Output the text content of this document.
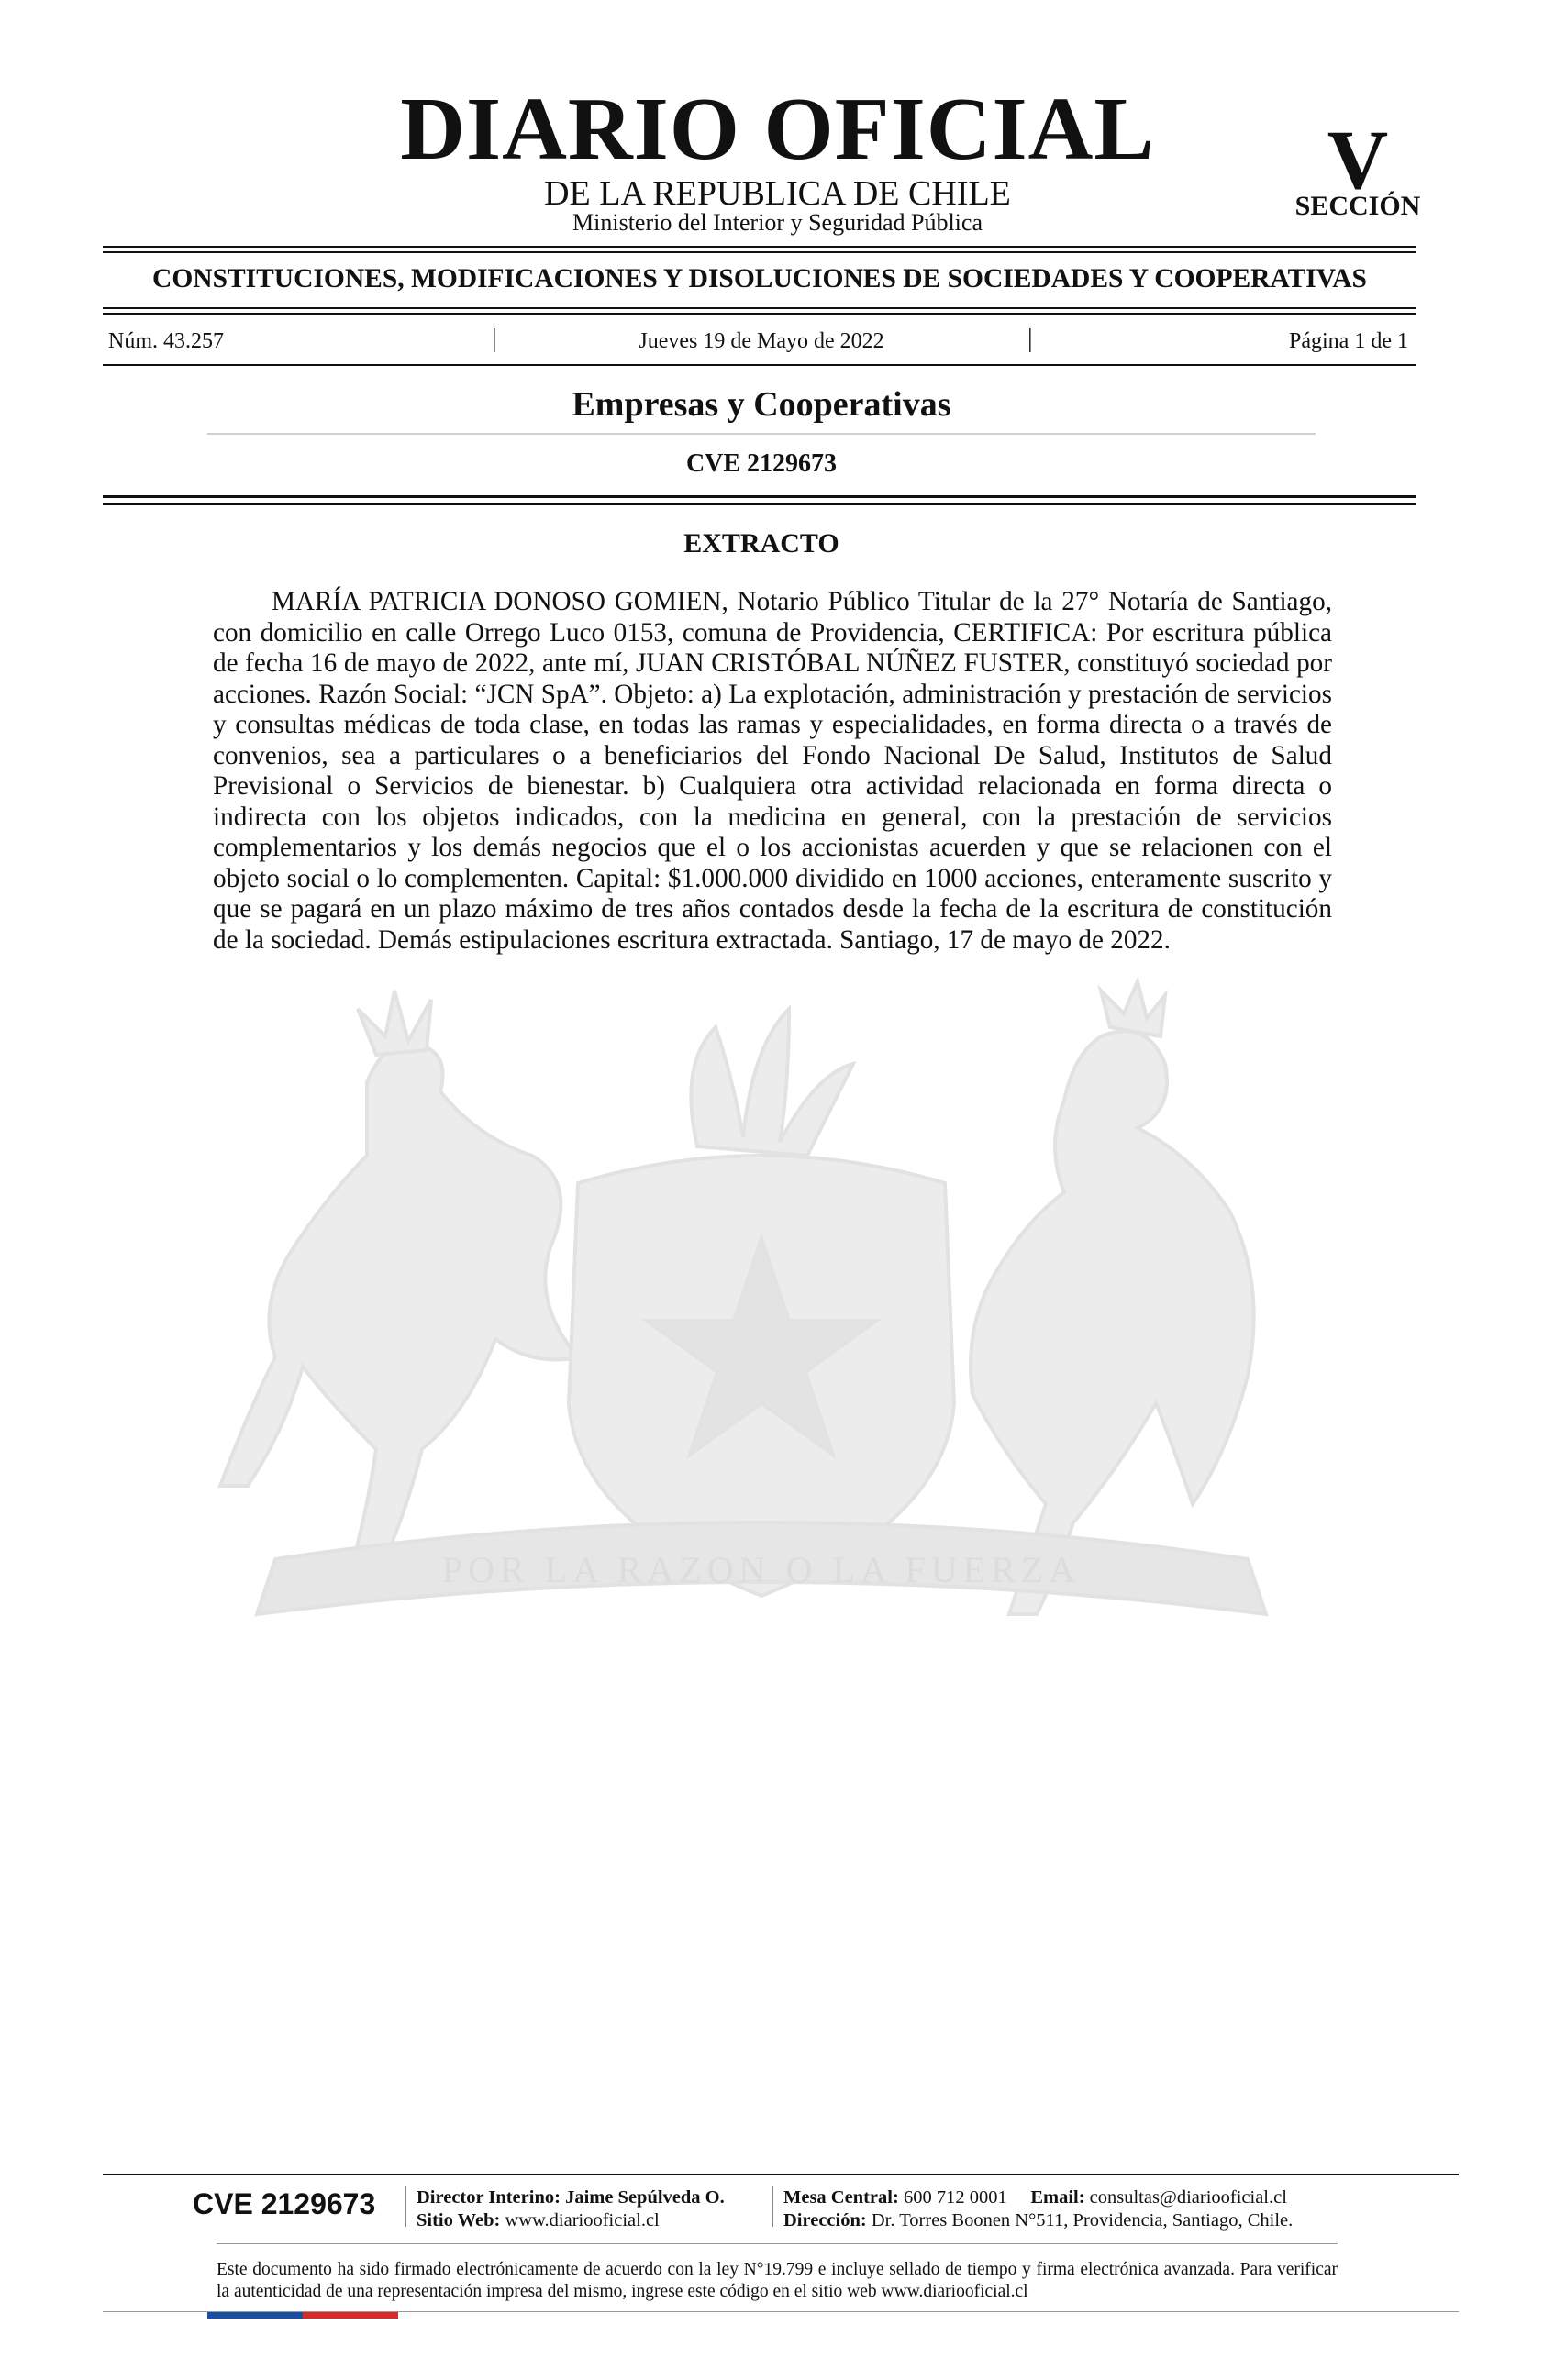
DIARIO OFICIAL
DE LA REPUBLICA DE CHILE
Ministerio del Interior y Seguridad Pública
V
SECCIÓN
CONSTITUCIONES, MODIFICACIONES Y DISOLUCIONES DE SOCIEDADES Y COOPERATIVAS
Núm. 43.257	|	Jueves 19 de Mayo de 2022	|	Página 1 de 1
Empresas y Cooperativas
CVE 2129673
POR LA RAZON O LA FUERZA
EXTRACTO
MARÍA PATRICIA DONOSO GOMIEN, Notario Público Titular de la 27° Notaría de Santiago, con domicilio en calle Orrego Luco 0153, comuna de Providencia, CERTIFICA: Por escritura pública de fecha 16 de mayo de 2022, ante mí, JUAN CRISTÓBAL NÚÑEZ FUSTER, constituyó sociedad por acciones. Razón Social: “JCN SpA”. Objeto: a) La explotación, administración y prestación de servicios y consultas médicas de toda clase, en todas las ramas y especialidades, en forma directa o a través de convenios, sea a particulares o a beneficiarios del Fondo Nacional De Salud, Institutos de Salud Previsional o Servicios de bienestar. b) Cualquiera otra actividad relacionada en forma directa o indirecta con los objetos indicados, con la medicina en general, con la prestación de servicios complementarios y los demás negocios que el o los accionistas acuerden y que se relacionen con el objeto social o lo complementen. Capital: $1.000.000 dividido en 1000 acciones, enteramente suscrito y que se pagará en un plazo máximo de tres años contados desde la fecha de la escritura de constitución de la sociedad. Demás estipulaciones escritura extractada. Santiago, 17 de mayo de 2022.
CVE 2129673 Director Interino: Jaime Sepúlveda O.
Sitio Web: www.diariooficial.cl
Mesa Central: 600 712 0001 Email: consultas@diariooficial.cl
Dirección: Dr. Torres Boonen N°511, Providencia, Santiago, Chile.
Este documento ha sido firmado electrónicamente de acuerdo con la ley N°19.799 e incluye sellado de tiempo y firma electrónica avanzada. Para verificar la autenticidad de una representación impresa del mismo, ingrese este código en el sitio web www.diariooficial.cl
